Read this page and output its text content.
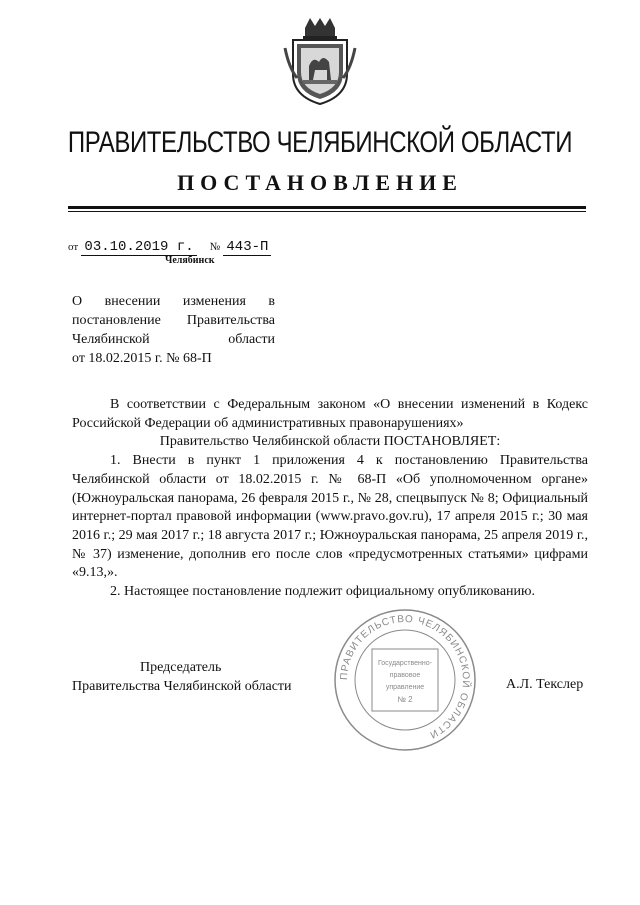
ПРАВИТЕЛЬСТВО ЧЕЛЯБИНСКОЙ ОБЛАСТИ
ПОСТАНОВЛЕНИЕ
от 03.10.2019 г. № 443-П
Челябинск
О внесении изменения в
постановление Правительства
Челябинской области
от 18.02.2015 г. № 68-П

В соответствии с Федеральным законом «О внесении изменений в Кодекс Российской Федерации об административных правонарушениях»

Правительство Челябинской области ПОСТАНОВЛЯЕТ:

1. Внести в пункт 1 приложения 4 к постановлению Правительства Челябинской области от 18.02.2015 г. № 68-П «Об уполномоченном органе» (Южноуральская панорама, 26 февраля 2015 г., № 28, спецвыпуск № 8; Официальный интернет-портал правовой информации (www.pravo.gov.ru), 17 апреля 2015 г.; 30 мая 2016 г.; 29 мая 2017 г.; 18 августа 2017 г.; Южноуральская панорама, 25 апреля 2019 г., № 37) изменение, дополнив его после слов «предусмотренных статьями» цифрами «9.13,».

2. Настоящее постановление подлежит официальному опубликованию.

Председатель
Правительства Челябинской области	А.Л. Текслер
ПРАВИТЕЛЬСТВО ЧЕЛЯБИНСКОЙ ОБЛАСТИ
Государственно-
правовое
управление
№ 2
